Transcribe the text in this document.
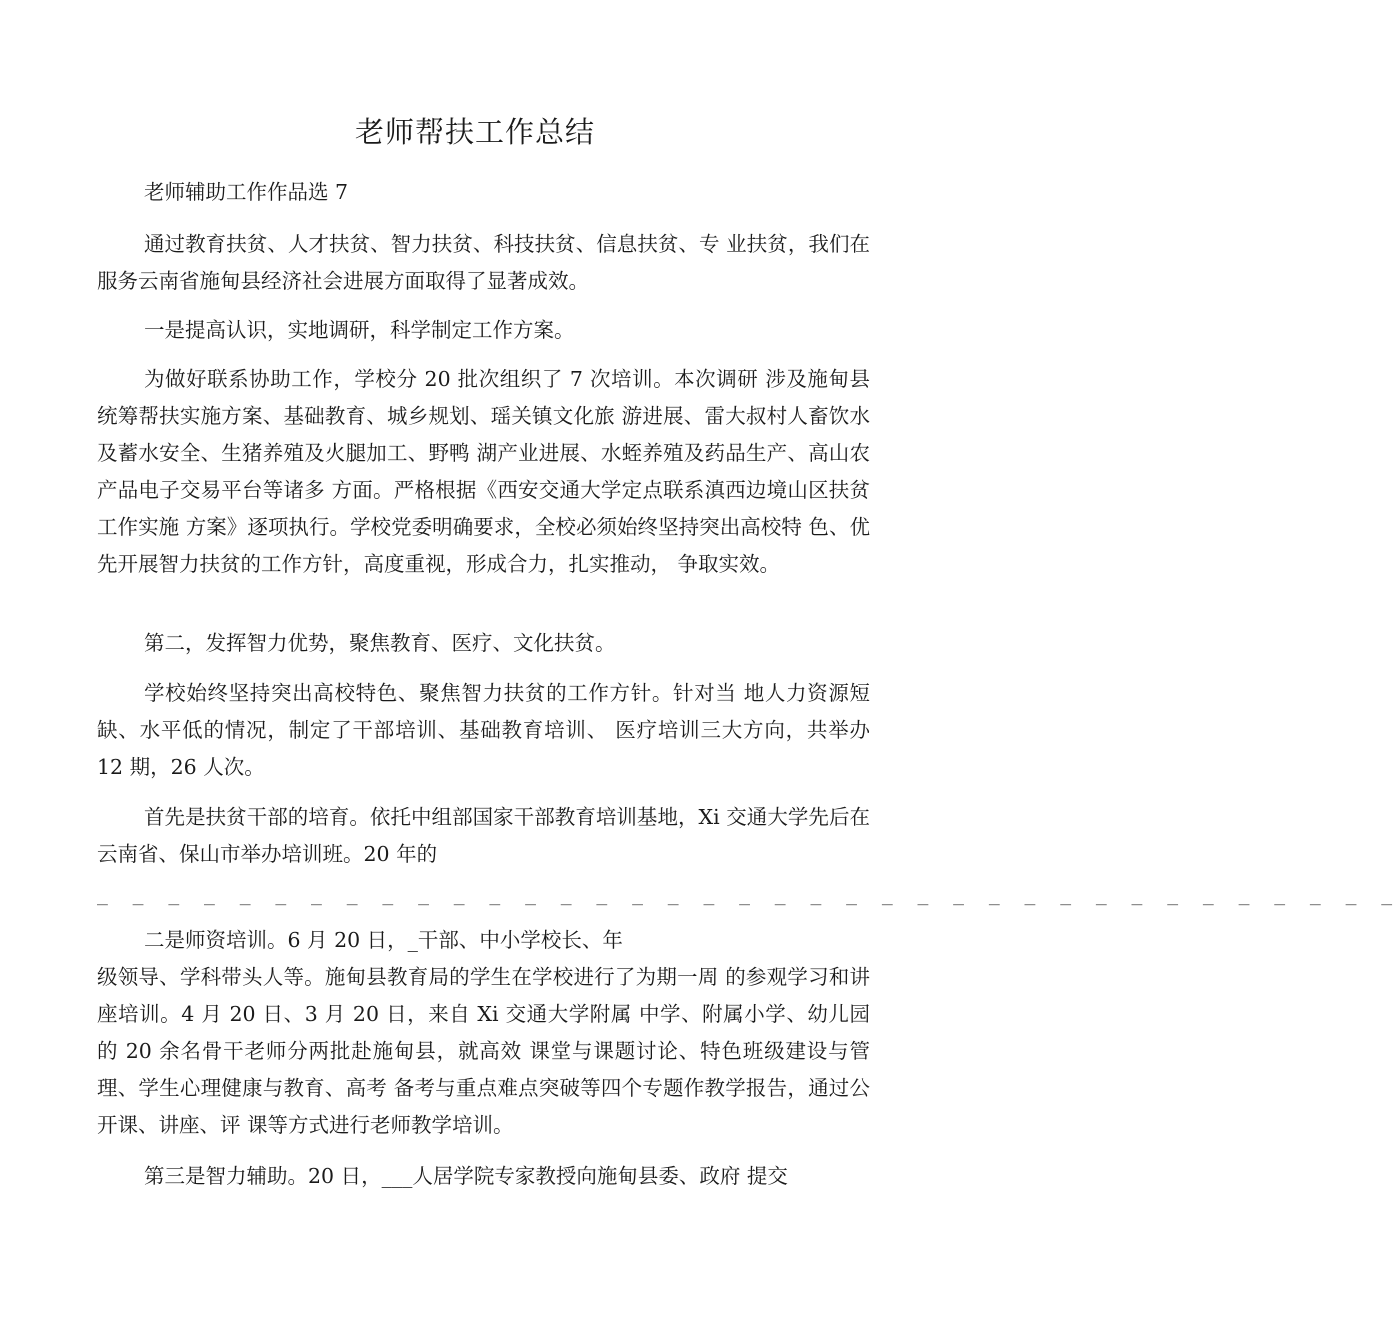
老师帮扶工作总结

老师辅助工作作品选 7

通过教育扶贫、人才扶贫、智力扶贫、科技扶贫、信息扶贫、专 业扶贫，我们在服务云南省施甸县经济社会进展方面取得了显著成效。

一是提高认识，实地调研，科学制定工作方案。

为做好联系协助工作，学校分 20 批次组织了 7 次培训。本次调研 涉及施甸县统筹帮扶实施方案、基础教育、城乡规划、瑶关镇文化旅 游进展、雷大叔村人畜饮水及蓄水安全、生猪养殖及火腿加工、野鸭 湖产业进展、水蛭养殖及药品生产、高山农产品电子交易平台等诸多 方面。严格根据《西安交通大学定点联系滇西边境山区扶贫工作实施 方案》逐项执行。学校党委明确要求，全校必须始终坚持突出高校特 色、优先开展智力扶贫的工作方针，高度重视，形成合力，扎实推动， 争取实效。

第二，发挥智力优势，聚焦教育、医疗、文化扶贫。

学校始终坚持突出高校特色、聚焦智力扶贫的工作方针。针对当 地人力资源短缺、水平低的情况，制定了干部培训、基础教育培训、 医疗培训三大方向，共举办 12 期，26 人次。

首先是扶贫干部的培育。依托中组部国家干部教育培训基地，Xi 交通大学先后在云南省、保山市举办培训班。20 年的

_ _ _ _ _ _ _ _ _ _ _ _ _ _ _ _ _ _ _ _ _ _ _ _ _ _ _ _ _ _ _ _ _ _ _ _ _

二是师资培训。6 月 20 日，_干部、中小学校长、年

级领导、学科带头人等。施甸县教育局的学生在学校进行了为期一周 的参观学习和讲座培训。4 月 20 日、3 月 20 日，来自 Xi 交通大学附属 中学、附属小学、幼儿园的 20 余名骨干老师分两批赴施甸县，就高效 课堂与课题讨论、特色班级建设与管理、学生心理健康与教育、高考 备考与重点难点突破等四个专题作教学报告，通过公开课、讲座、评 课等方式进行老师教学培训。

第三是智力辅助。20 日，___人居学院专家教授向施甸县委、政府 提交
